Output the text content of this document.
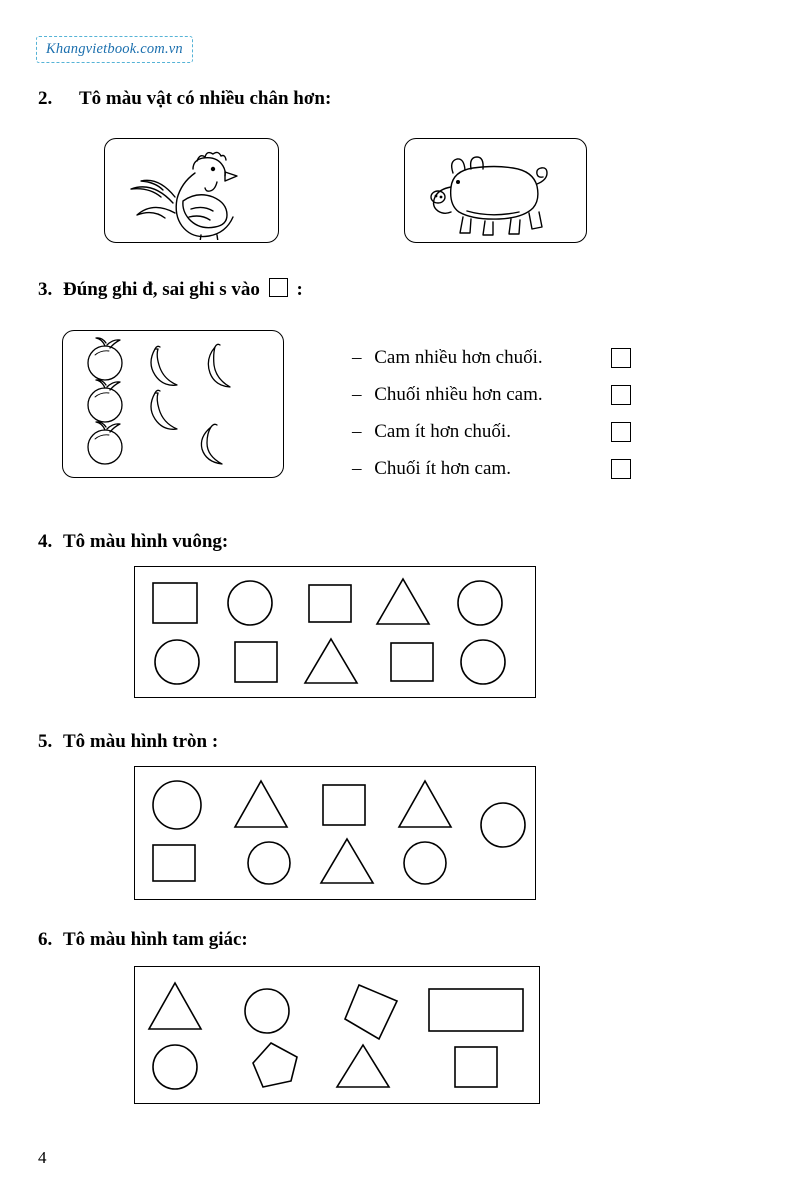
Khangvietbook.com.vn
2. Tô màu vật có nhiều chân hơn:
3. Đúng ghi đ, sai ghi s vào :
– Cam nhiều hơn chuối.
– Chuối nhiều hơn cam.
– Cam ít hơn chuối.
– Chuối ít hơn cam.
4. Tô màu hình vuông:
5. Tô màu hình tròn :
6. Tô màu hình tam giác:
4
